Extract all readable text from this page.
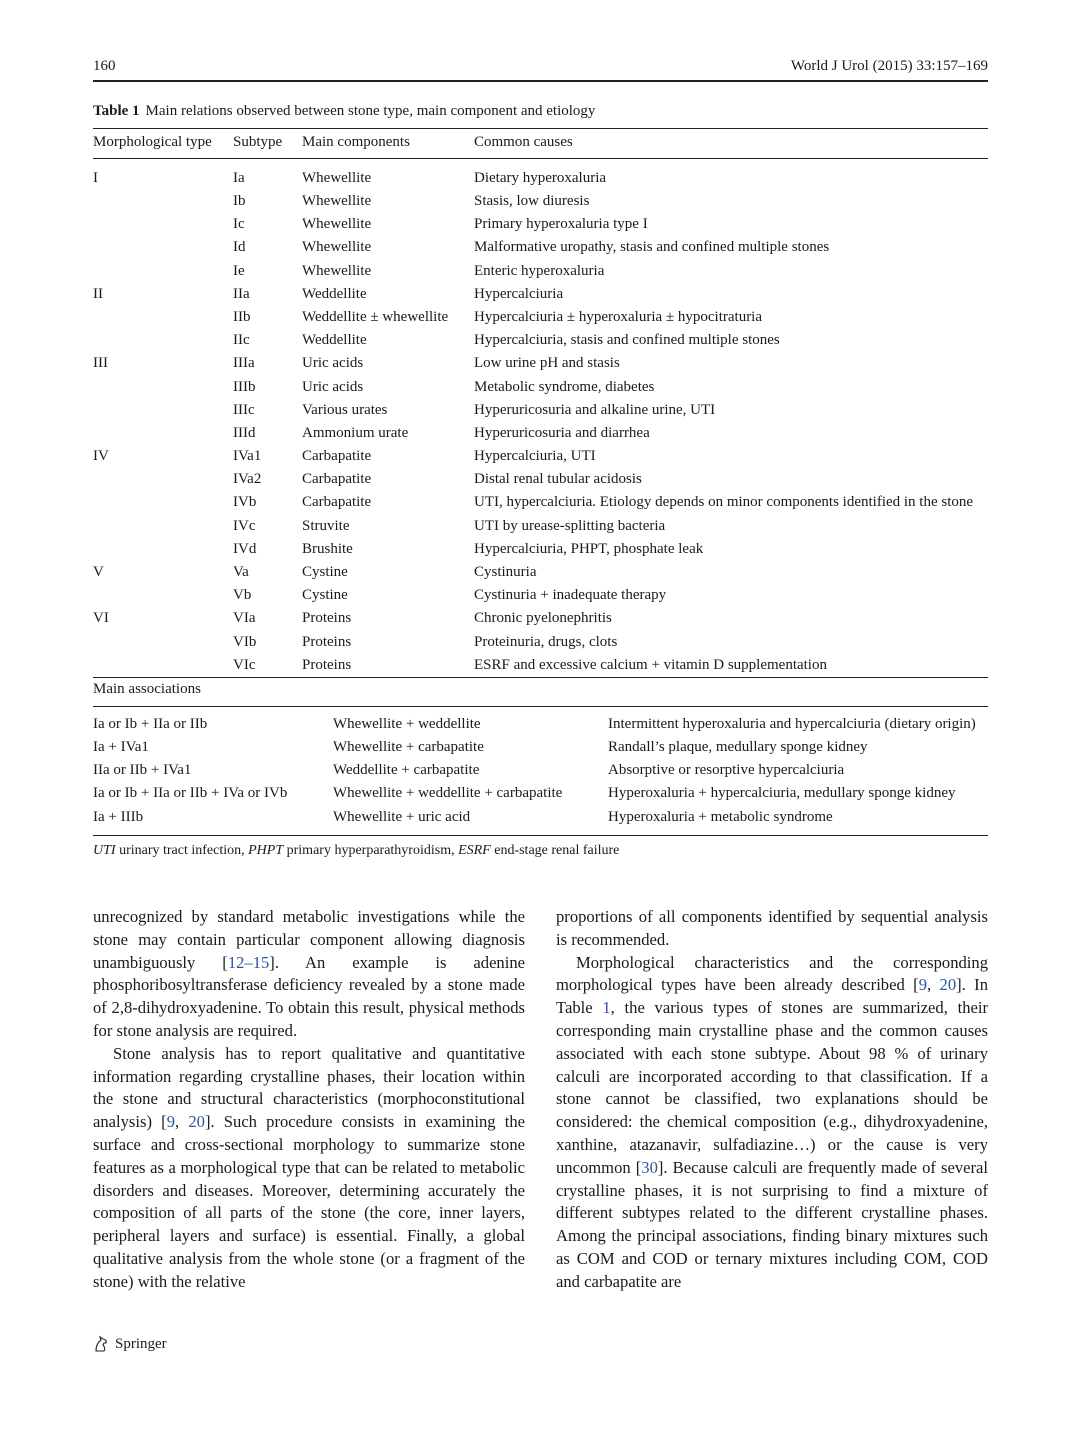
160	World J Urol (2015) 33:157–169
Table 1 Main relations observed between stone type, main component and etiology
Morphological type	Subtype	Main components	Common causes
I	Ia	Whewellite	Dietary hyperoxaluria
	Ib	Whewellite	Stasis, low diuresis
	Ic	Whewellite	Primary hyperoxaluria type I
	Id	Whewellite	Malformative uropathy, stasis and confined multiple stones
	Ie	Whewellite	Enteric hyperoxaluria
II	IIa	Weddellite	Hypercalciuria
	IIb	Weddellite ± whewellite	Hypercalciuria ± hyperoxaluria ± hypocitraturia
	IIc	Weddellite	Hypercalciuria, stasis and confined multiple stones
III	IIIa	Uric acids	Low urine pH and stasis
	IIIb	Uric acids	Metabolic syndrome, diabetes
	IIIc	Various urates	Hyperuricosuria and alkaline urine, UTI
	IIId	Ammonium urate	Hyperuricosuria and diarrhea
IV	IVa1	Carbapatite	Hypercalciuria, UTI
	IVa2	Carbapatite	Distal renal tubular acidosis
	IVb	Carbapatite	UTI, hypercalciuria. Etiology depends on minor components identified in the stone
	IVc	Struvite	UTI by urease-splitting bacteria
	IVd	Brushite	Hypercalciuria, PHPT, phosphate leak
V	Va	Cystine	Cystinuria
	Vb	Cystine	Cystinuria + inadequate therapy
VI	VIa	Proteins	Chronic pyelonephritis
	VIb	Proteins	Proteinuria, drugs, clots
	VIc	Proteins	ESRF and excessive calcium + vitamin D supplementation
Main associations
Ia or Ib + IIa or IIb	Whewellite + weddellite	Intermittent hyperoxaluria and hypercalciuria (dietary origin)
Ia + IVa1	Whewellite + carbapatite	Randall’s plaque, medullary sponge kidney
IIa or IIb + IVa1	Weddellite + carbapatite	Absorptive or resorptive hypercalciuria
Ia or Ib + IIa or IIb + IVa or IVb	Whewellite + weddellite + carbapatite	Hyperoxaluria + hypercalciuria, medullary sponge kidney
Ia + IIIb	Whewellite + uric acid	Hyperoxaluria + metabolic syndrome
UTI urinary tract infection, PHPT primary hyperparathyroidism, ESRF end-stage renal failure

unrecognized by standard metabolic investigations while the stone may contain particular component allowing diagnosis unambiguously [12–15]. An example is adenine phosphoribosyltransferase deficiency revealed by a stone made of 2,8-dihydroxyadenine. To obtain this result, physical methods for stone analysis are required.

Stone analysis has to report qualitative and quantitative information regarding crystalline phases, their location within the stone and structural characteristics (morphoconstitutional analysis) [9, 20]. Such procedure consists in examining the surface and cross-sectional morphology to summarize stone features as a morphological type that can be related to metabolic disorders and diseases. Moreover, determining accurately the composition of all parts of the stone (the core, inner layers, peripheral layers and surface) is essential. Finally, a global qualitative analysis from the whole stone (or a fragment of the stone) with the relative

proportions of all components identified by sequential analysis is recommended.

Morphological characteristics and the corresponding morphological types have been already described [9, 20]. In Table 1, the various types of stones are summarized, their corresponding main crystalline phase and the common causes associated with each stone subtype. About 98 % of urinary calculi are incorporated according to that classification. If a stone cannot be classified, two explanations should be considered: the chemical composition (e.g., dihydroxyadenine, xanthine, atazanavir, sulfadiazine…) or the cause is very uncommon [30]. Because calculi are frequently made of several crystalline phases, it is not surprising to find a mixture of different subtypes related to the different crystalline phases. Among the principal associations, finding binary mixtures such as COM and COD or ternary mixtures including COM, COD and carbapatite are

Springer
